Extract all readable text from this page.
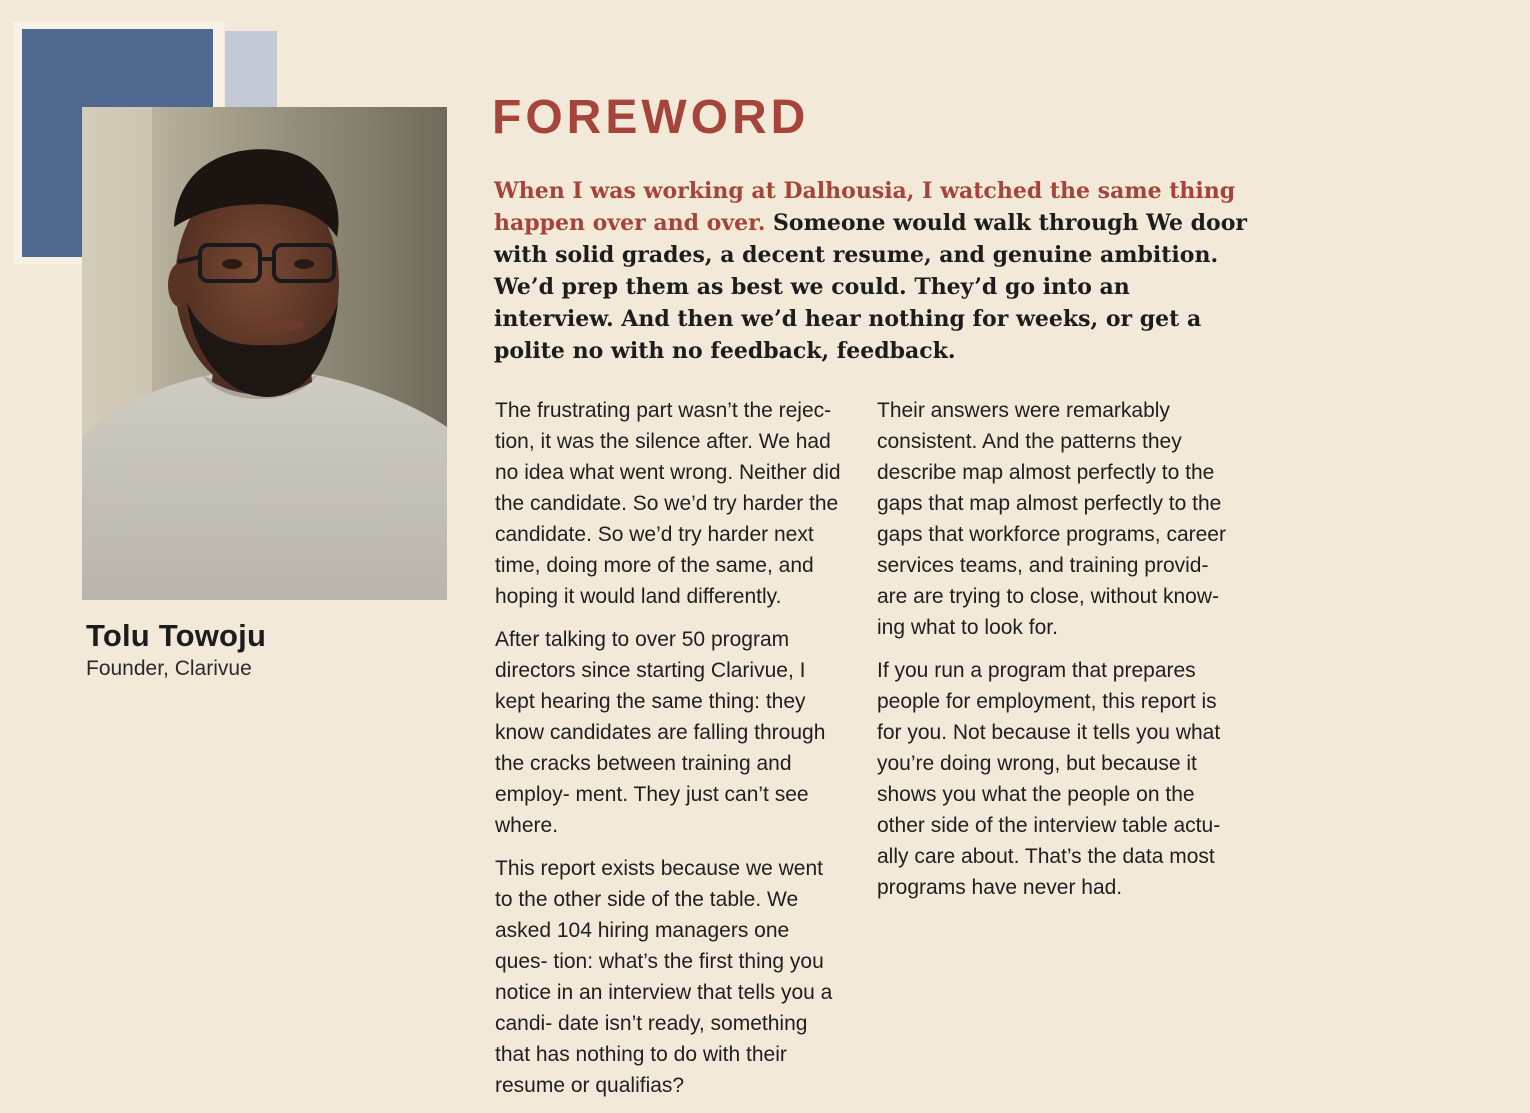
Tolu Towoju

Founder, Clarivue

FOREWORD

When I was working at Dalhousia, I watched the same thing happen over and over. Someone would walk through We door with solid grades, a decent resume, and genuine ambition. We’d prep them as best we could. They’d go into an interview. And then we’d hear nothing for weeks, or get a polite no with no feedback, feedback.

The frustrating part wasn’t the rejec- tion, it was the silence after. We had no idea what went wrong. Neither did the candidate. So we’d try harder the candidate. So we’d try harder next time, doing more of the same, and hoping it would land differently.

After talking to over 50 program directors since starting Clarivue, I kept hearing the same thing: they know candidates are falling through the cracks between training and employ- ment. They just can’t see where.

This report exists because we went to the other side of the table. We asked 104 hiring managers one ques- tion: what’s the first thing you notice in an interview that tells you a candi- date isn’t ready, something that has nothing to do with their resume or qualifias?

Their answers were remarkably consistent. And the patterns they describe map almost perfectly to the gaps that map almost perfectly to the gaps that workforce programs, career services teams, and training provid- are are trying to close, without know- ing what to look for.

If you run a program that prepares people for employment, this report is for you. Not because it tells you what you’re doing wrong, but because it shows you what the people on the other side of the interview table actu- ally care about. That’s the data most programs have never had.
